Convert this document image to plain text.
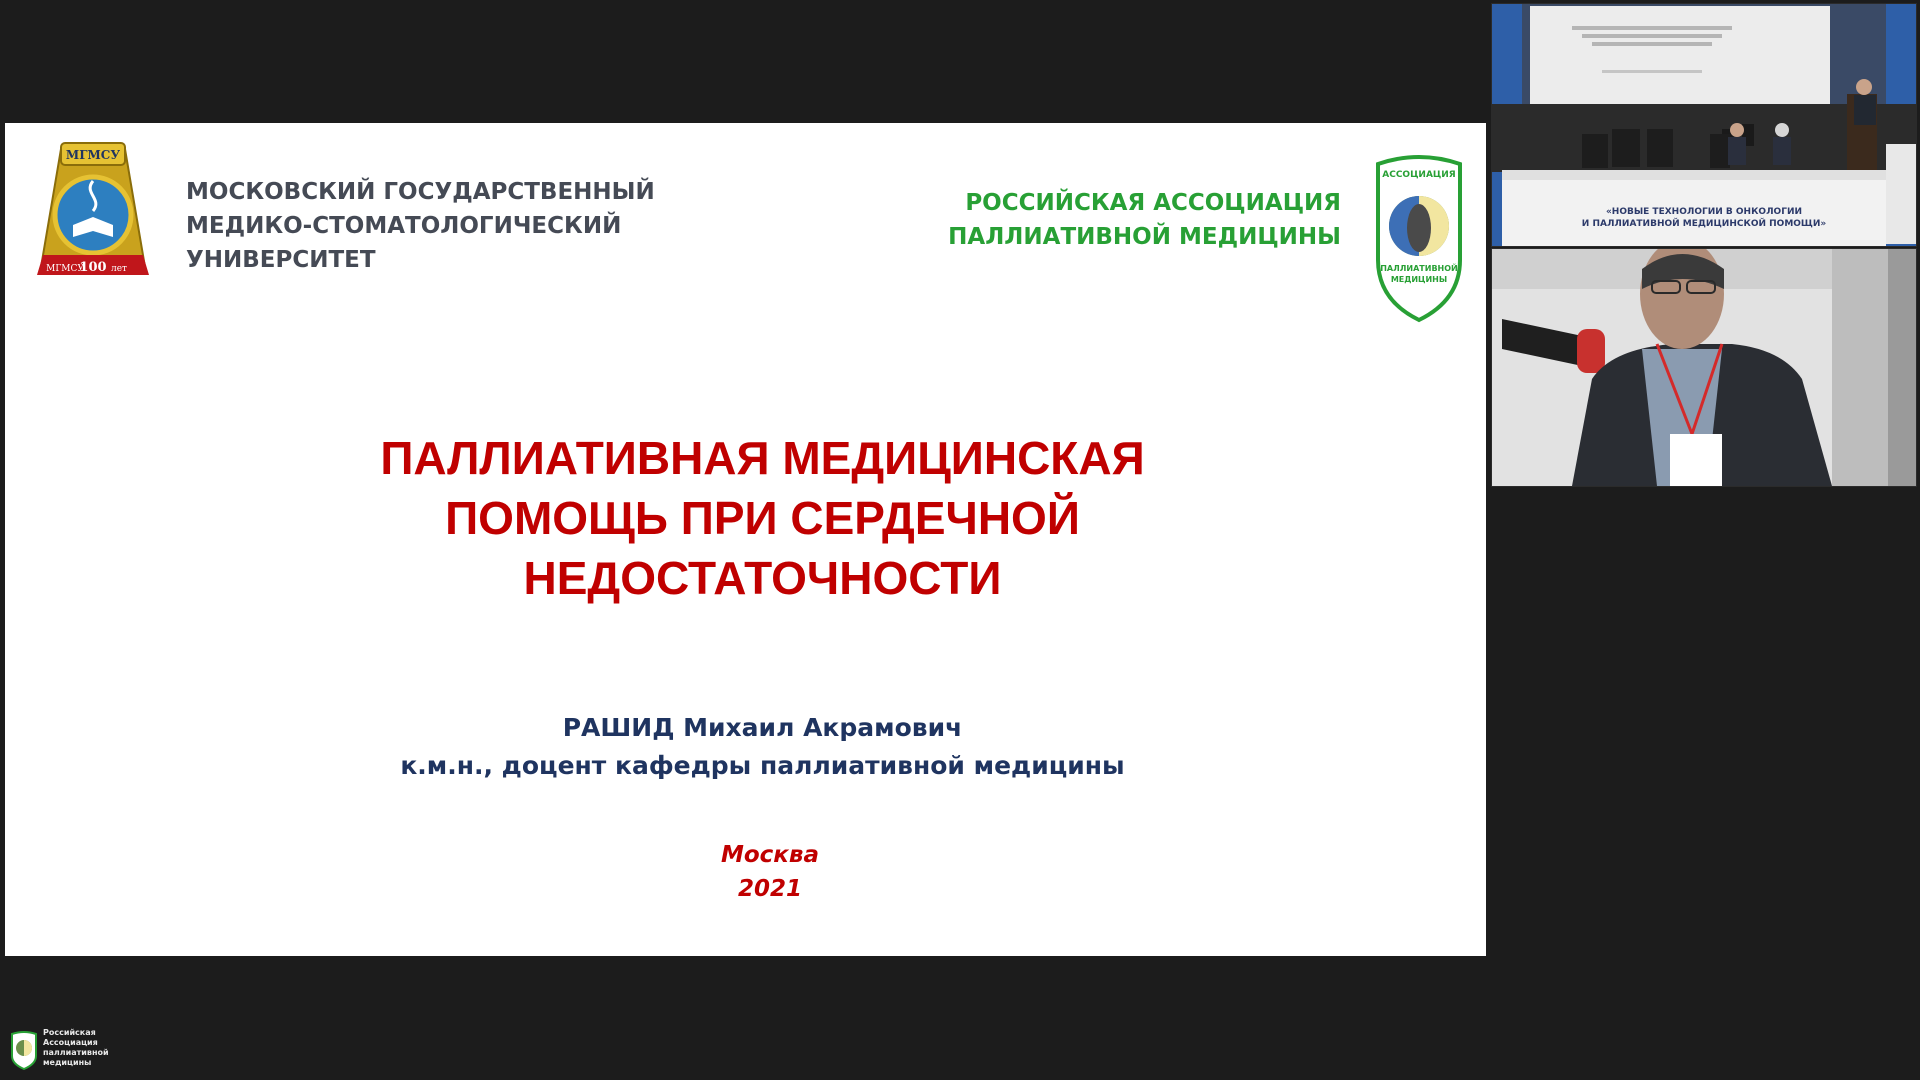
МГМСУ
МГМСУ
100 лет
МОСКОВСКИЙ ГОСУДАРСТВЕННЫЙ
МЕДИКО-СТОМАТОЛОГИЧЕСКИЙ
УНИВЕРСИТЕТ
РОССИЙСКАЯ АССОЦИАЦИЯ
ПАЛЛИАТИВНОЙ МЕДИЦИНЫ
АССОЦИАЦИЯ
ПАЛЛИАТИВНОЙ
МЕДИЦИНЫ
ПАЛЛИАТИВНАЯ МЕДИЦИНСКАЯ
ПОМОЩЬ ПРИ СЕРДЕЧНОЙ
НЕДОСТАТОЧНОСТИ
РАШИД Михаил Акрамович
к.м.н., доцент кафедры паллиативной медицины
Москва
2021
«НОВЫЕ ТЕХНОЛОГИИ В ОНКОЛОГИИ
И ПАЛЛИАТИВНОЙ МЕДИЦИНСКОЙ ПОМОЩИ»
Российская
Ассоциация
паллиативной
медицины
